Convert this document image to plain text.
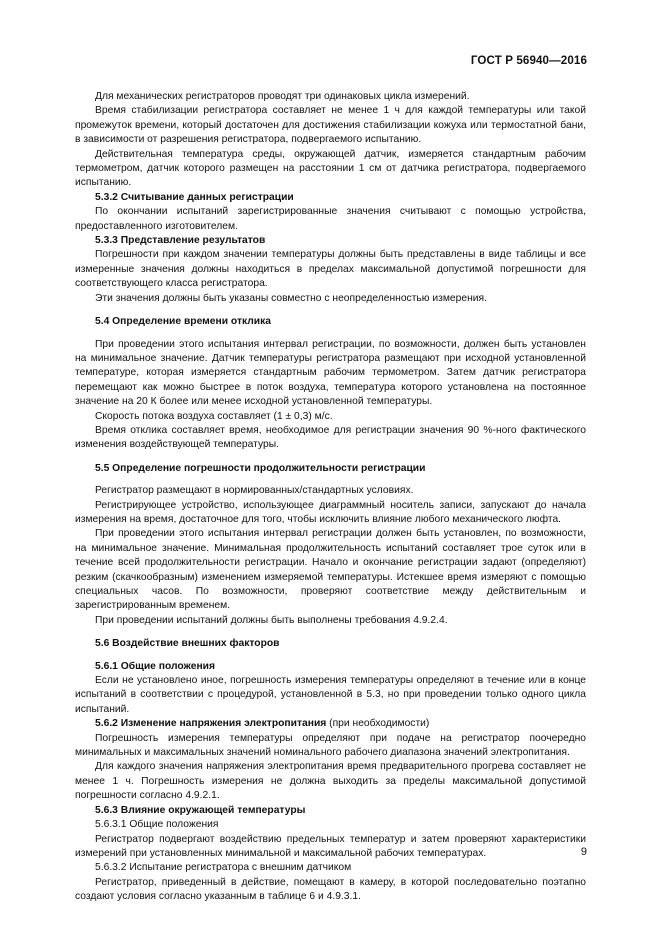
ГОСТ Р 56940—2016

Для механических регистраторов проводят три одинаковых цикла измерений.

Время стабилизации регистратора составляет не менее 1 ч для каждой температуры или такой промежуток времени, который достаточен для достижения стабилизации кожуха или термостатной бани, в зависимости от разрешения регистратора, подвергаемого испытанию.

Действительная температура среды, окружающей датчик, измеряется стандартным рабочим термометром, датчик которого размещен на расстоянии 1 см от датчика регистратора, подвергаемого испытанию.

5.3.2 Считывание данных регистрации

По окончании испытаний зарегистрированные значения считывают с помощью устройства, предоставленного изготовителем.

5.3.3 Представление результатов

Погрешности при каждом значении температуры должны быть представлены в виде таблицы и все измеренные значения должны находиться в пределах максимальной допустимой погрешности для соответствующего класса регистратора.

Эти значения должны быть указаны совместно с неопределенностью измерения.

5.4 Определение времени отклика

При проведении этого испытания интервал регистрации, по возможности, должен быть установлен на минимальное значение. Датчик температуры регистратора размещают при исходной установленной температуре, которая измеряется стандартным рабочим термометром. Затем датчик регистратора перемещают как можно быстрее в поток воздуха, температура которого установлена на постоянное значение на 20 К более или менее исходной установленной температуры.

Скорость потока воздуха составляет (1 ± 0,3) м/с.

Время отклика составляет время, необходимое для регистрации значения 90 %-ного фактического изменения воздействующей температуры.

5.5 Определение погрешности продолжительности регистрации

Регистратор размещают в нормированных/стандартных условиях.

Регистрирующее устройство, использующее диаграммный носитель записи, запускают до начала измерения на время, достаточное для того, чтобы исключить влияние любого механического люфта.

При проведении этого испытания интервал регистрации должен быть установлен, по возможности, на минимальное значение. Минимальная продолжительность испытаний составляет трое суток или в течение всей продолжительности регистрации. Начало и окончание регистрации задают (определяют) резким (скачкообразным) изменением измеряемой температуры. Истекшее время измеряют с помощью специальных часов. По возможности, проверяют соответствие между действительным и зарегистрированным временем.

При проведении испытаний должны быть выполнены требования 4.9.2.4.

5.6 Воздействие внешних факторов
5.6.1 Общие положения

Если не установлено иное, погрешность измерения температуры определяют в течение или в конце испытаний в соответствии с процедурой, установленной в 5.3, но при проведении только одного цикла испытаний.

5.6.2 Изменение напряжения электропитания (при необходимости)

Погрешность измерения температуры определяют при подаче на регистратор поочередно минимальных и максимальных значений номинального рабочего диапазона значений электропитания.

Для каждого значения напряжения электропитания время предварительного прогрева составляет не менее 1 ч. Погрешность измерения не должна выходить за пределы максимальной допустимой погрешности согласно 4.9.2.1.

5.6.3 Влияние окружающей температуры
5.6.3.1 Общие положения

Регистратор подвергают воздействию предельных температур и затем проверяют характеристики измерений при установленных минимальной и максимальной рабочих температурах.

5.6.3.2 Испытание регистратора с внешним датчиком

Регистратор, приведенный в действие, помещают в камеру, в которой последовательно поэтапно создают условия согласно указанным в таблице 6 и 4.9.3.1.

9
